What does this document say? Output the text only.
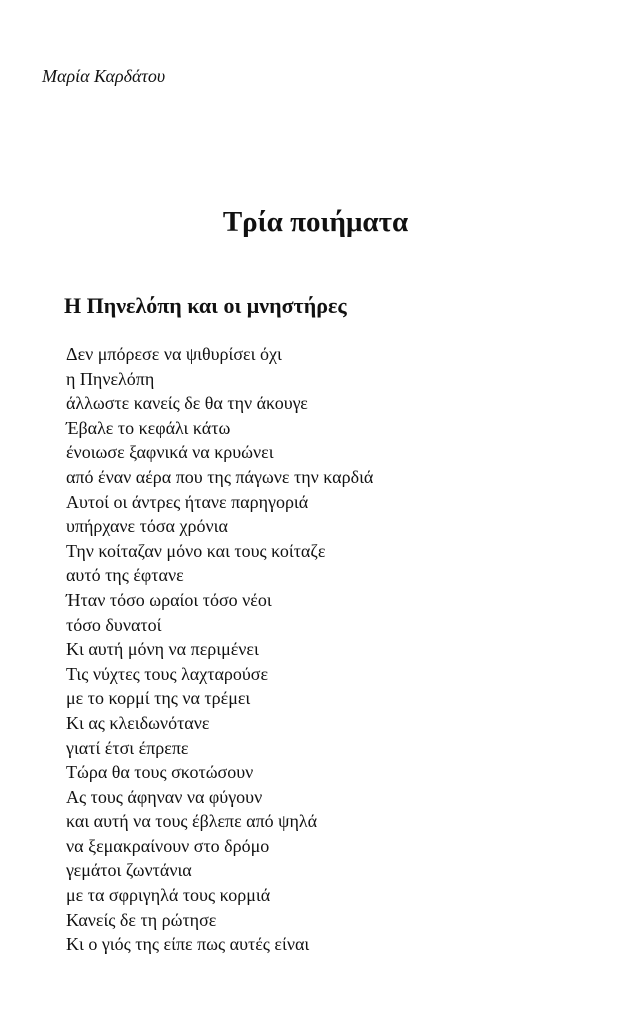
Μαρία Καρδάτου
Τρία ποιήματα
Η Πηνελόπη και οι μνηστήρες
Δεν μπόρεσε να ψιθυρίσει όχι
η Πηνελόπη
άλλωστε κανείς δε θα την άκουγε
Έβαλε το κεφάλι κάτω
ένοιωσε ξαφνικά να κρυώνει
από έναν αέρα που της πάγωνε την καρδιά
Αυτοί οι άντρες ήτανε παρηγοριά
υπήρχανε τόσα χρόνια
Την κοίταζαν μόνο και τους κοίταζε
αυτό της έφτανε
Ήταν τόσο ωραίοι τόσο νέοι
τόσο δυνατοί
Κι αυτή μόνη να περιμένει
Τις νύχτες τους λαχταρούσε
με το κορμί της να τρέμει
Κι ας κλειδωνότανε
γιατί έτσι έπρεπε
Τώρα θα τους σκοτώσουν
Ας τους άφηναν να φύγουν
και αυτή να τους έβλεπε από ψηλά
να ξεμακραίνουν στο δρόμο
γεμάτοι ζωντάνια
με τα σφριγηλά τους κορμιά
Κανείς δε τη ρώτησε
Κι ο γιός της είπε πως αυτές είναι
